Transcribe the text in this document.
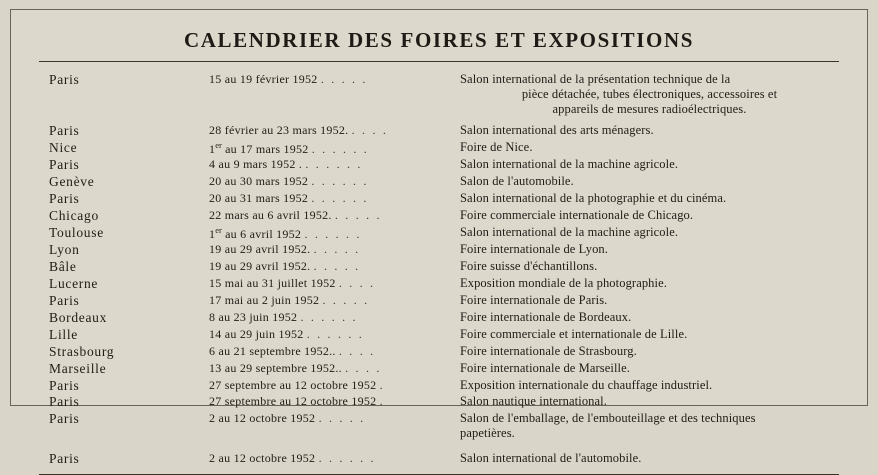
CALENDRIER DES FOIRES ET EXPOSITIONS
Paris	15 au 19 février 1952 . . . . .	Salon international de la présentation technique de la
pièce détachée, tubes électroniques, accessoires et
appareils de mesures radioélectriques.

Paris	28 février au 23 mars 1952. . . . .	Salon international des arts ménagers.
Nice	1er au 17 mars 1952 . . . . . .	Foire de Nice.
Paris	4 au 9 mars 1952 . . . . . . .	Salon international de la machine agricole.
Genève	20 au 30 mars 1952 . . . . . .	Salon de l'automobile.
Paris	20 au 31 mars 1952 . . . . . .	Salon international de la photographie et du cinéma.
Chicago	22 mars au 6 avril 1952. . . . . .	Foire commerciale internationale de Chicago.
Toulouse	1er au 6 avril 1952 . . . . . .	Salon international de la machine agricole.
Lyon	19 au 29 avril 1952. . . . . .	Foire internationale de Lyon.
Bâle	19 au 29 avril 1952. . . . . .	Foire suisse d'échantillons.
Lucerne	15 mai au 31 juillet 1952 . . . .	Exposition mondiale de la photographie.
Paris	17 mai au 2 juin 1952 . . . . .	Foire internationale de Paris.
Bordeaux	8 au 23 juin 1952 . . . . . .	Foire internationale de Bordeaux.
Lille	14 au 29 juin 1952 . . . . . .	Foire commerciale et internationale de Lille.
Strasbourg	6 au 21 septembre 1952.. . . . .	Foire internationale de Strasbourg.
Marseille	13 au 29 septembre 1952.. . . . .	Foire internationale de Marseille.
Paris	27 septembre au 12 octobre 1952 .	Exposition internationale du chauffage industriel.
Paris	27 septembre au 12 octobre 1952 .	Salon nautique international.
Paris	2 au 12 octobre 1952 . . . . .	Salon de l'emballage, de l'embouteillage et des techniques
papetières.

Paris	2 au 12 octobre 1952 . . . . . .	Salon international de l'automobile.
